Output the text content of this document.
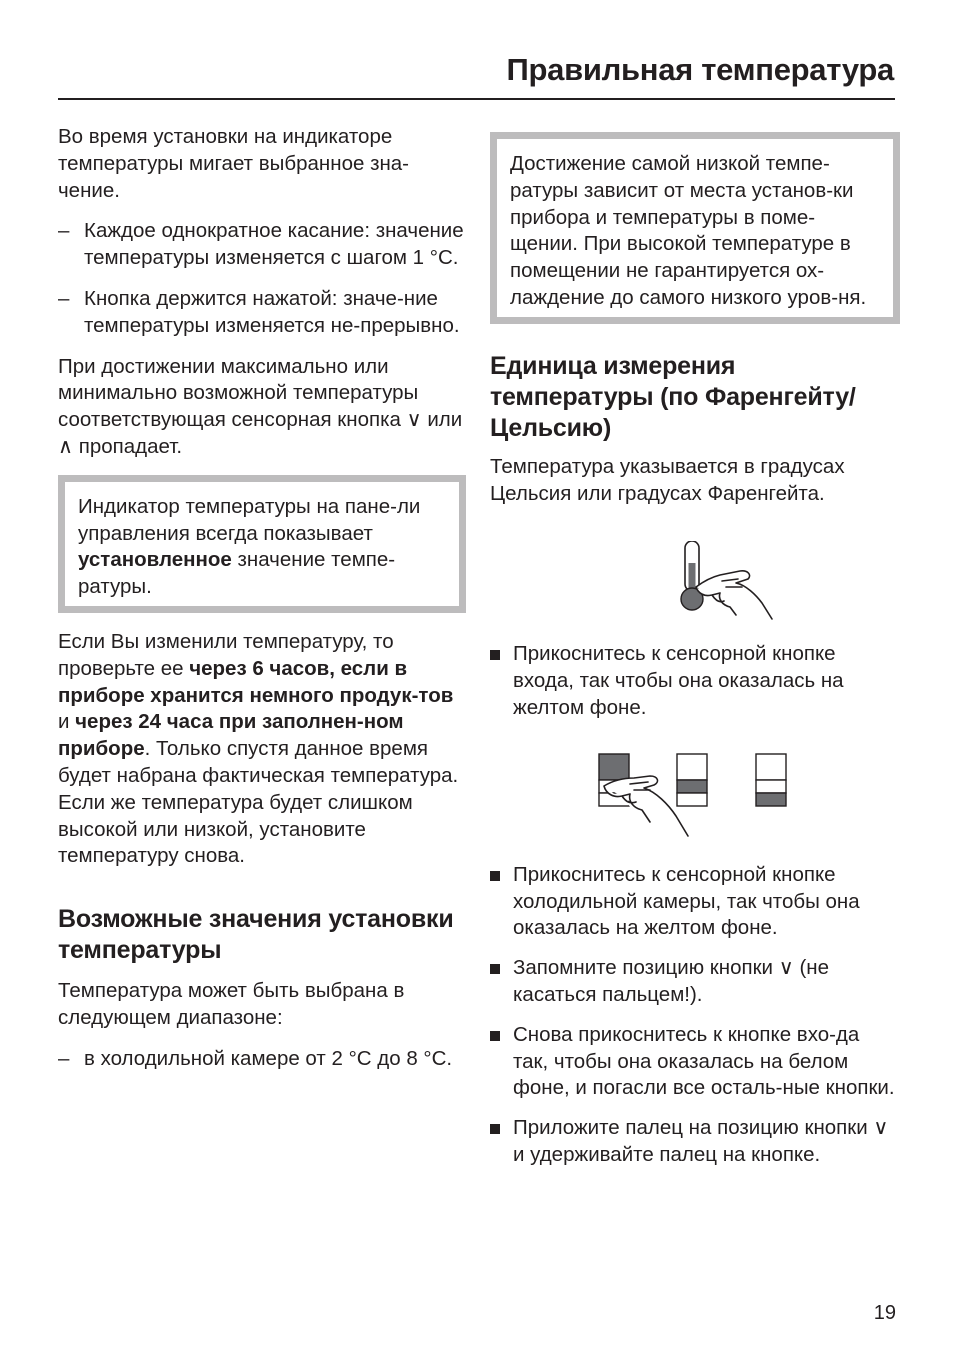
Правильная температура

Во время установки на индикаторе температуры мигает выбранное зна-чение.

– Каждое однократное касание: значение температуры изменяется с шагом 1 °C.
– Кнопка держится нажатой: значе-ние температуры изменяется не-прерывно.

При достижении максимально или минимально возможной температуры соответствующая сенсорная кнопка ∨ или ∧ пропадает.

Индикатор температуры на пане-ли управления всегда показывает установленное значение темпе-ратуры.

Если Вы изменили температуру, то проверьте ее через 6 часов, если в приборе хранится немного продук-тов и через 24 часа при заполнен-ном приборе. Только спустя данное время будет набрана фактическая температура. Если же температура будет слишком высокой или низкой, установите температуру снова.

Возможные значения установки температуры

Температура может быть выбрана в следующем диапазоне:

– в холодильной камере от 2 °C до 8 °C.

Достижение самой низкой темпе-ратуры зависит от места установ-ки прибора и температуры в поме-щении. При высокой температуре в помещении не гарантируется ох-лаждение до самого низкого уров-ня.

Единица измерения температуры (по Фаренгейту/Цельсию)

Температура указывается в градусах Цельсия или градусах Фаренгейта.

Прикоснитесь к сенсорной кнопке входа, так чтобы она оказалась на желтом фоне.
Прикоснитесь к сенсорной кнопке холодильной камеры, так чтобы она оказалась на желтом фоне.
Запомните позицию кнопки ∨ (не касаться пальцем!).
Снова прикоснитесь к кнопке вхо-да так, чтобы она оказалась на белом фоне, и погасли все осталь-ные кнопки.
Приложите палец на позицию кнопки ∨ и удерживайте палец на кнопке.
19
